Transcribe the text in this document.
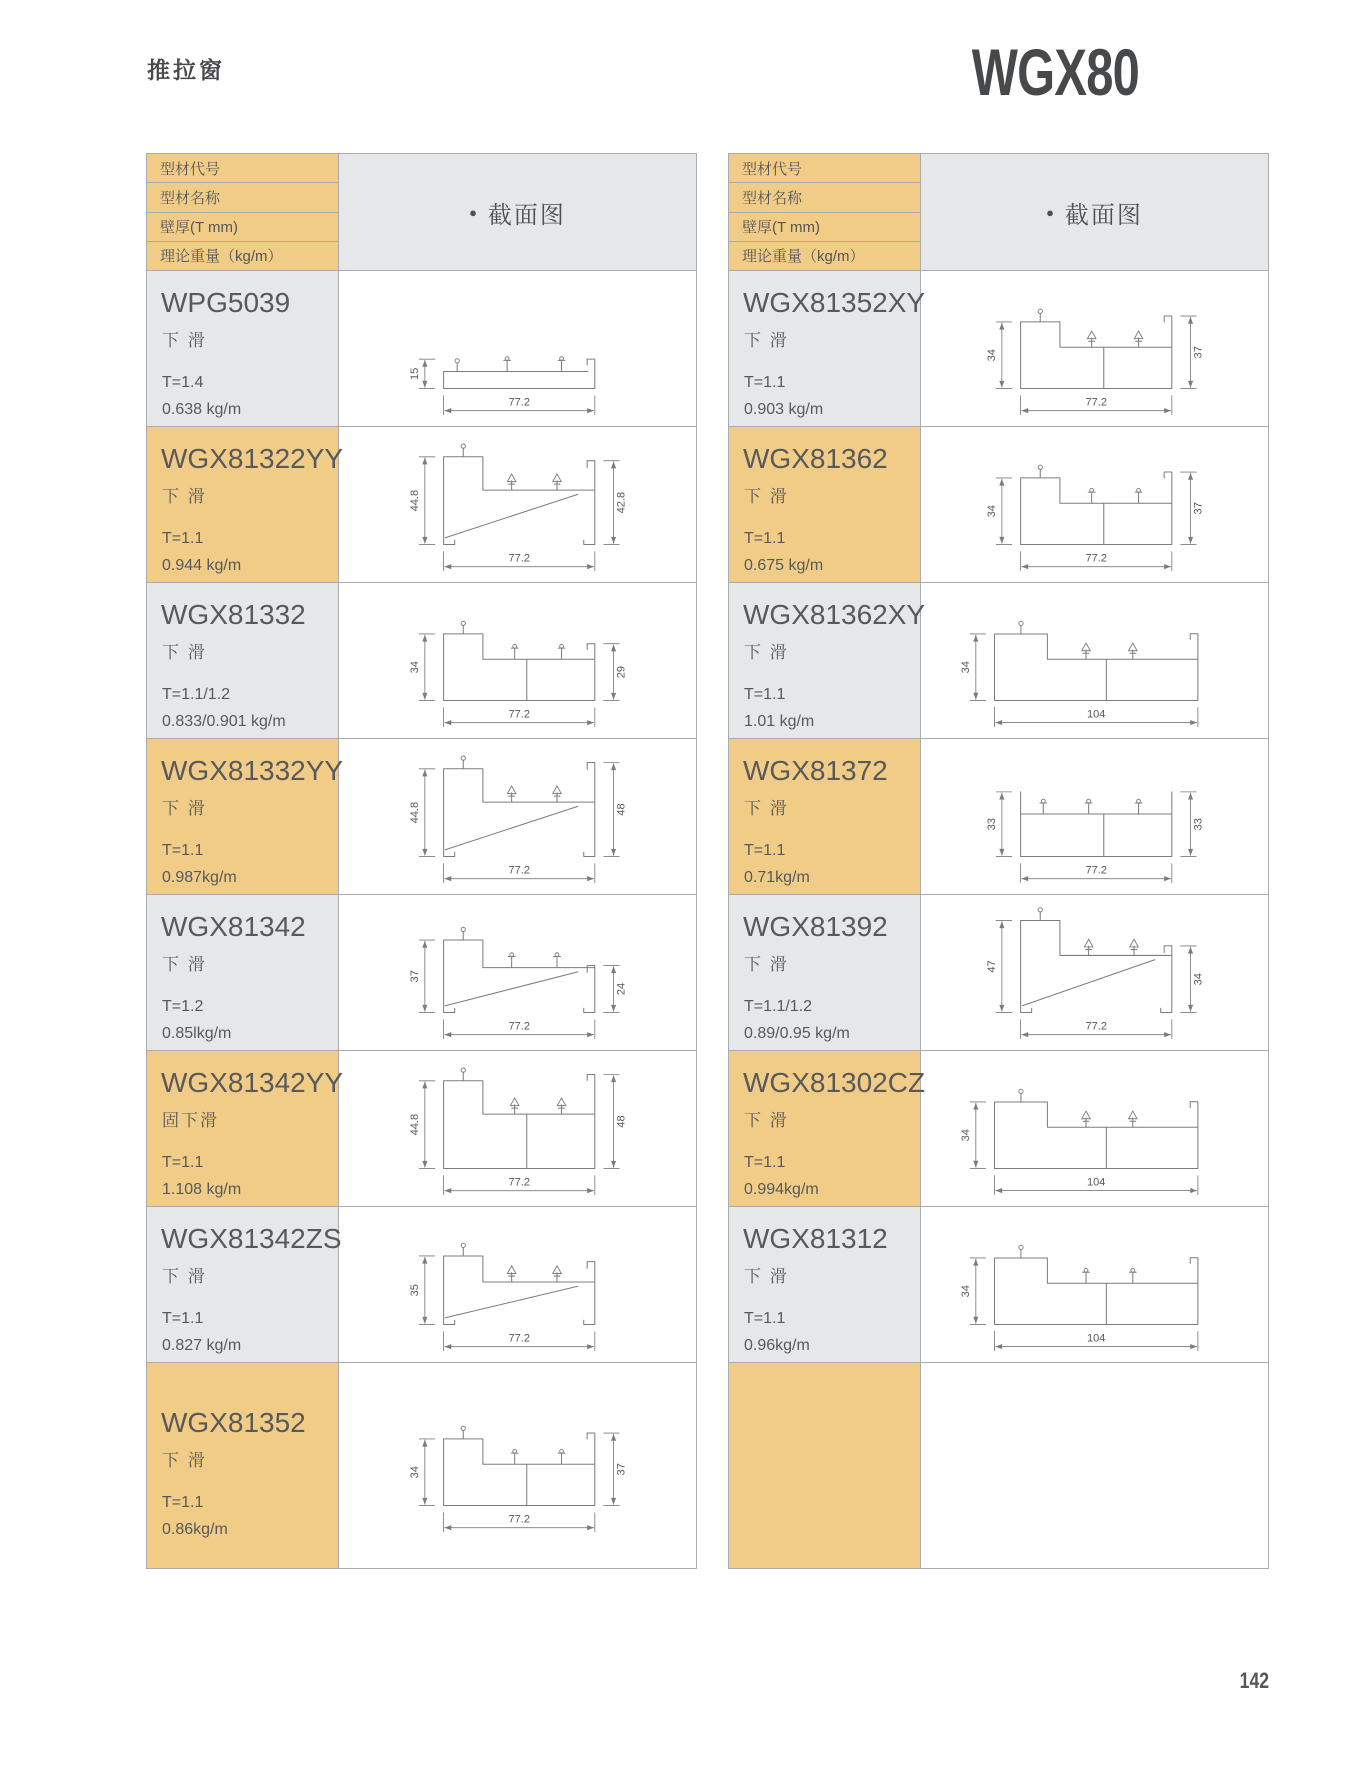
推拉窗	WGX80
型材代号
型材名称
壁厚(T mm)
理论重量（kg/m）
● 截面图
WPG5039
下 滑
T=1.4
0.638 kg/m
15
77.2
WGX81322YY
下 滑
T=1.1
0.944 kg/m
44.8	42.8
77.2
WGX81332
下 滑
T=1.1/1.2
0.833/0.901 kg/m
34	29
77.2
WGX81332YY
下 滑
T=1.1
0.987kg/m
44.8	48
77.2
WGX81342
下 滑
T=1.2
0.85lkg/m
37
24
77.2
WGX81342YY
固下滑
T=1.1
1.108 kg/m
44.8	48
77.2
WGX81342ZS
下 滑
T=1.1
0.827 kg/m
35
77.2
WGX81352
下 滑
T=1.1
0.86kg/m
34	37
77.2
型材代号
型材名称
壁厚(T mm)
理论重量（kg/m）
● 截面图
WGX81352XY
下 滑
T=1.1
0.903 kg/m
34	37
77.2
WGX81362
下 滑
T=1.1
0.675 kg/m
34	37
77.2
WGX81362XY
下 滑
T=1.1
1.01 kg/m
34
104
WGX81372
下 滑
T=1.1
0.71kg/m
33	33
77.2
WGX81392
下 滑
T=1.1/1.2
0.89/0.95 kg/m
47
34
77.2
WGX81302CZ
下 滑
T=1.1
0.994kg/m
34
104
WGX81312
下 滑
T=1.1
0.96kg/m
34
104
142
